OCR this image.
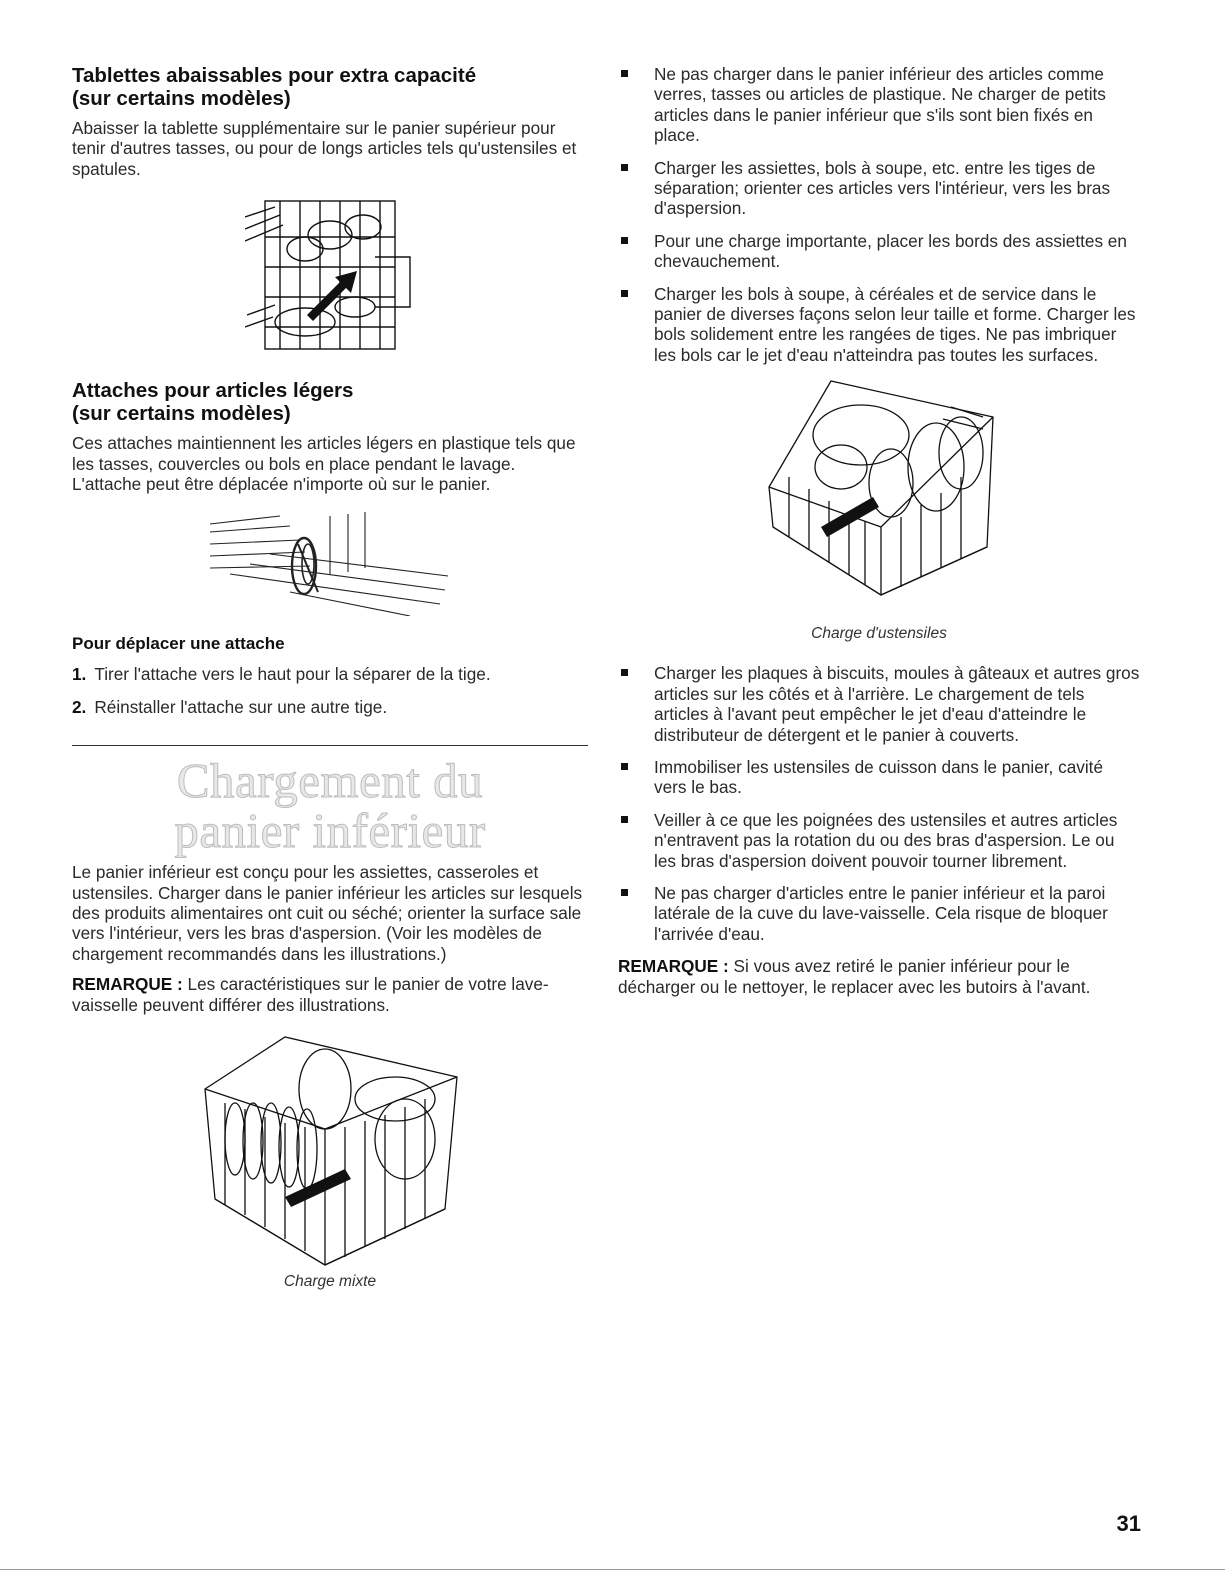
Tablettes abaissables pour extra capacité
(sur certains modèles)

Abaisser la tablette supplémentaire sur le panier supérieur pour tenir d'autres tasses, ou pour de longs articles tels qu'ustensiles et spatules.

Attaches pour articles légers
(sur certains modèles)

Ces attaches maintiennent les articles légers en plastique tels que les tasses, couvercles ou bols en place pendant le lavage. L'attache peut être déplacée n'importe où sur le panier.

Pour déplacer une attache
1. Tirer l'attache vers le haut pour la séparer de la tige.
2. Réinstaller l'attache sur une autre tige.
Chargement du
panier inférieur

Le panier inférieur est conçu pour les assiettes, casseroles et ustensiles. Charger dans le panier inférieur les articles sur lesquels des produits alimentaires ont cuit ou séché; orienter la surface sale vers l'intérieur, vers les bras d'aspersion. (Voir les modèles de chargement recommandés dans les illustrations.)

REMARQUE : Les caractéristiques sur le panier de votre lave-vaisselle peuvent différer des illustrations.

Charge mixte
Ne pas charger dans le panier inférieur des articles comme verres, tasses ou articles de plastique. Ne charger de petits articles dans le panier inférieur que s'ils sont bien fixés en place.
Charger les assiettes, bols à soupe, etc. entre les tiges de séparation; orienter ces articles vers l'intérieur, vers les bras d'aspersion.
Pour une charge importante, placer les bords des assiettes en chevauchement.
Charger les bols à soupe, à céréales et de service dans le panier de diverses façons selon leur taille et forme. Charger les bols solidement entre les rangées de tiges. Ne pas imbriquer les bols car le jet d'eau n'atteindra pas toutes les surfaces.
Charge d'ustensiles
Charger les plaques à biscuits, moules à gâteaux et autres gros articles sur les côtés et à l'arrière. Le chargement de tels articles à l'avant peut empêcher le jet d'eau d'atteindre le distributeur de détergent et le panier à couverts.
Immobiliser les ustensiles de cuisson dans le panier, cavité vers le bas.
Veiller à ce que les poignées des ustensiles et autres articles n'entravent pas la rotation du ou des bras d'aspersion. Le ou les bras d'aspersion doivent pouvoir tourner librement.
Ne pas charger d'articles entre le panier inférieur et la paroi latérale de la cuve du lave-vaisselle. Cela risque de bloquer l'arrivée d'eau.

REMARQUE : Si vous avez retiré le panier inférieur pour le décharger ou le nettoyer, le replacer avec les butoirs à l'avant.

31
